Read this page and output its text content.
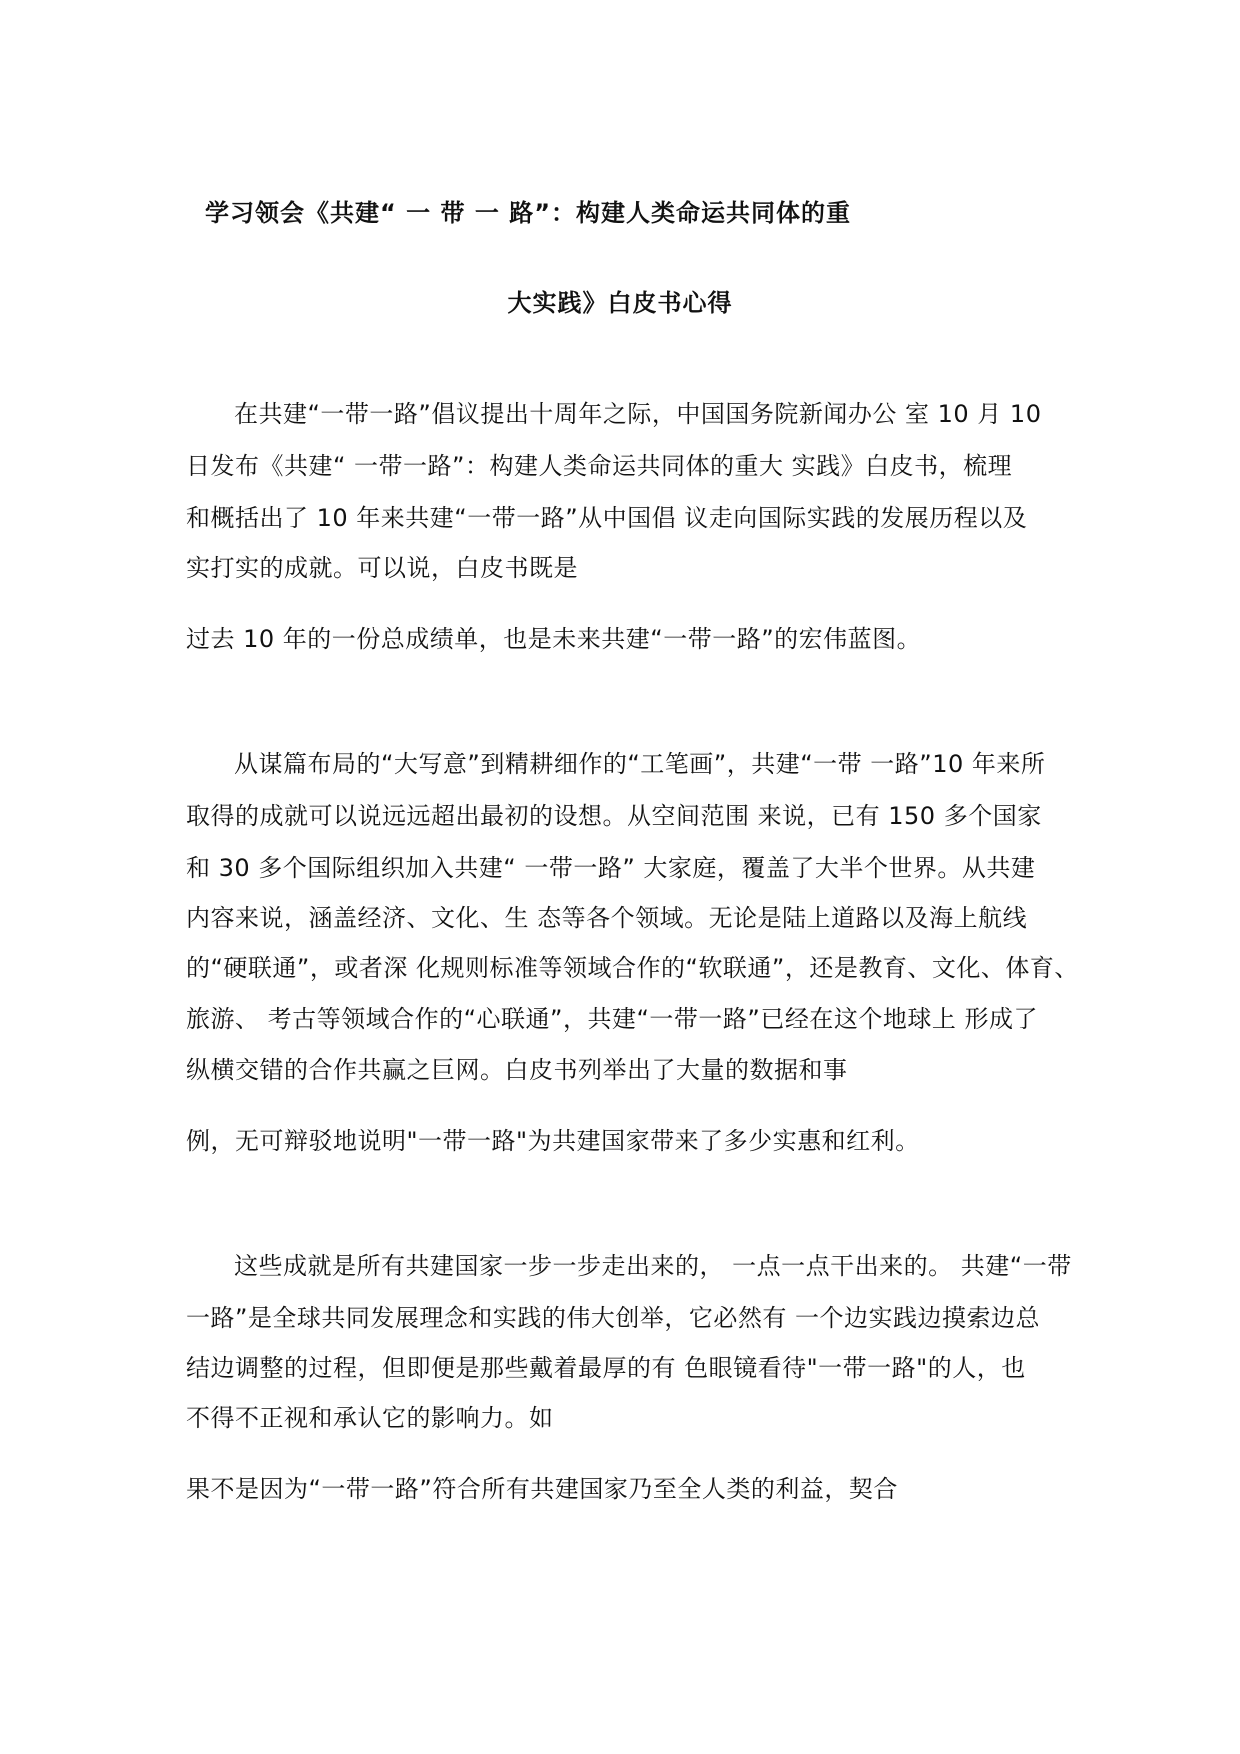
学习领会《共建“ 一 带 一 路”：构建人类命运共同体的重
大实践》白皮书心得
在共建“一带一路”倡议提出十周年之际，中国国务院新闻办公 室 10 月 10
日发布《共建“ 一带一路”：构建人类命运共同体的重大 实践》白皮书，梳理
和概括出了 10 年来共建“一带一路”从中国倡 议走向国际实践的发展历程以及
实打实的成就。可以说，白皮书既是
过去 10 年的一份总成绩单，也是未来共建“一带一路”的宏伟蓝图。
从谋篇布局的“大写意”到精耕细作的“工笔画”，共建“一带 一路”10 年来所
取得的成就可以说远远超出最初的设想。从空间范围 来说，已有 150 多个国家
和 30 多个国际组织加入共建“ 一带一路” 大家庭，覆盖了大半个世界。从共建
内容来说，涵盖经济、文化、生 态等各个领域。无论是陆上道路以及海上航线
的“硬联通”，或者深 化规则标准等领域合作的“软联通”，还是教育、文化、体育、
旅游、 考古等领域合作的“心联通”，共建“一带一路”已经在这个地球上 形成了
纵横交错的合作共赢之巨网。白皮书列举出了大量的数据和事
例，无可辩驳地说明"一带一路"为共建国家带来了多少实惠和红利。
这些成就是所有共建国家一步一步走出来的， 一点一点干出来的。 共建“一带
一路”是全球共同发展理念和实践的伟大创举，它必然有 一个边实践边摸索边总
结边调整的过程，但即便是那些戴着最厚的有 色眼镜看待"一带一路"的人，也
不得不正视和承认它的影响力。如
果不是因为“一带一路”符合所有共建国家乃至全人类的利益，契合
